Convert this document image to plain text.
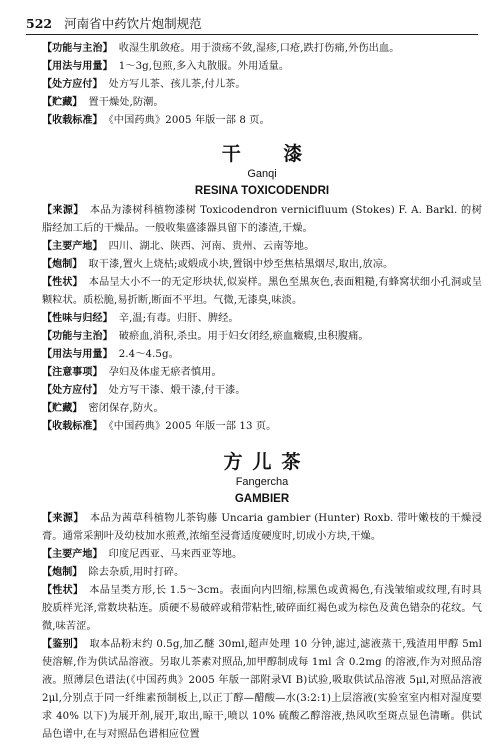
522 河南省中药饮片炮制规范

【功能与主治】 收湿生肌敛疮。用于溃疡不敛,湿疹,口疮,跌打伤痛,外伤出血。

【用法与用量】 1～3g,包煎,多入丸散服。外用适量。

【处方应付】 处方写儿茶、孩儿茶,付儿茶。

【贮藏】 置干燥处,防潮。

【收载标准】 《中国药典》2005 年版一部 8 页。

干 漆
Ganqi
RESINA TOXICODENDRI

【来源】 本品为漆树科植物漆树 Toxicodendron vernicifluum (Stokes) F. A. Barkl. 的树脂经加工后的干燥品。一般收集盛漆器具留下的漆渣,干燥。

【主要产地】 四川、湖北、陕西、河南、贵州、云南等地。

【炮制】 取干漆,置火上烧枯;或煅成小块,置锅中炒至焦枯黑烟尽,取出,放凉。

【性状】 本品呈大小不一的无定形块状,似炭样。黑色至黑灰色,表面粗糙,有蜂窝状细小孔洞或呈颗粒状。质松脆,易折断,断面不平坦。气微,无漆臭,味淡。

【性味与归经】 辛,温;有毒。归肝、脾经。

【功能与主治】 破瘀血,消积,杀虫。用于妇女闭经,瘀血癥瘕,虫积腹痛。

【用法与用量】 2.4～4.5g。

【注意事项】 孕妇及体虚无瘀者慎用。

【处方应付】 处方写干漆、煅干漆,付干漆。

【贮藏】 密闭保存,防火。

【收载标准】 《中国药典》2005 年版一部 13 页。

方儿茶
Fangercha
GAMBIER

【来源】 本品为茜草科植物儿茶钩藤 Uncaria gambier (Hunter) Roxb. 带叶嫩枝的干燥浸膏。通常采割叶及幼枝加水煎煮,浓缩至浸膏适度硬度时,切成小方块,干燥。

【主要产地】 印度尼西亚、马来西亚等地。

【炮制】 除去杂质,用时打碎。

【性状】 本品呈类方形,长 1.5～3cm。表面向内凹缩,棕黑色或黄褐色,有浅皱缩或纹理,有时具胶质样光泽,常数块粘连。质硬不易破碎或稍带粘性,破碎面红褐色或为棕色及黄色错杂的花纹。气微,味苦涩。

【鉴别】 取本品粉末约 0.5g,加乙醚 30ml,超声处理 10 分钟,滤过,滤液蒸干,残渣用甲醇 5ml 使溶解,作为供试品溶液。另取儿茶素对照品,加甲醇制成每 1ml 含 0.2mg 的溶液,作为对照品溶液。照薄层色谱法(《中国药典》2005 年版一部附录Ⅵ B)试验,吸取供试品溶液 5μl,对照品溶液 2μl,分别点于同一纤维素预制板上,以正丁醇—醋酸—水(3:2:1)上层溶液(实验室室内相对湿度要求 40% 以下)为展开剂,展开,取出,晾干,喷以 10% 硫酸乙醇溶液,热风吹至斑点显色清晰。供试品色谱中,在与对照品色谱相应位置
